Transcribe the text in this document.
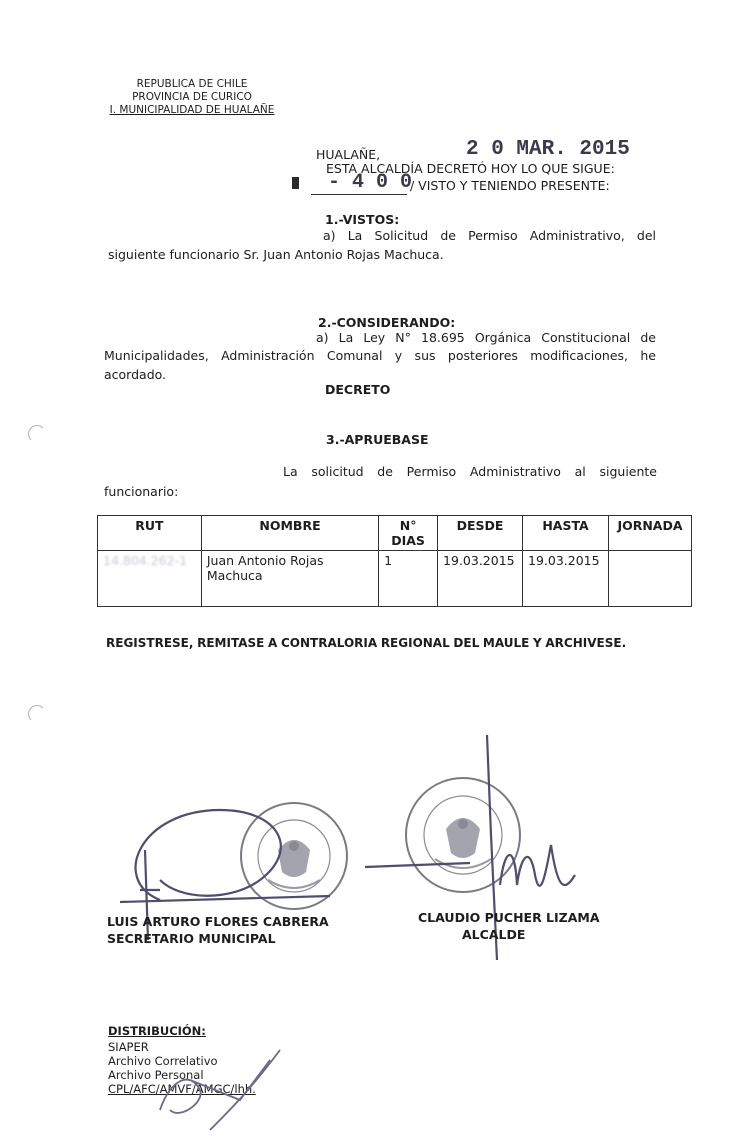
REPUBLICA DE CHILE
PROVINCIA DE CURICO
I. MUNICIPALIDAD DE HUALAÑE
HUALAÑE,	2 0 MAR. 2015
ESTA ALCALDÍA DECRETÓ HOY LO QUE SIGUE:
- 4 0 0
/ VISTO Y TENIENDO PRESENTE:
1.-VISTOS:
a) La Solicitud de Permiso Administrativo, del
siguiente funcionario Sr. Juan Antonio Rojas Machuca.
2.-CONSIDERANDO:
a) La Ley N° 18.695 Orgánica Constitucional de
Municipalidades, Administración Comunal y sus posteriores modificaciones, he
acordado.
DECRETO
3.-APRUEBASE
La solicitud de Permiso Administrativo al siguiente
funcionario:
RUT	NOMBRE	N° DIAS	DESDE	HASTA	JORNADA
14.804.262-1	Juan Antonio Rojas Machuca	1	19.03.2015	19.03.2015	
REGISTRESE, REMITASE A CONTRALORIA REGIONAL DEL MAULE Y ARCHIVESE.
LUIS ARTURO FLORES CABRERA
SECRETARIO MUNICIPAL
CLAUDIO PUCHER LIZAMA
ALCALDE
DISTRIBUCIÓN:
SIAPER
Archivo Correlativo
Archivo Personal
CPL/AFC/AMVF/AMGC/lhh.
